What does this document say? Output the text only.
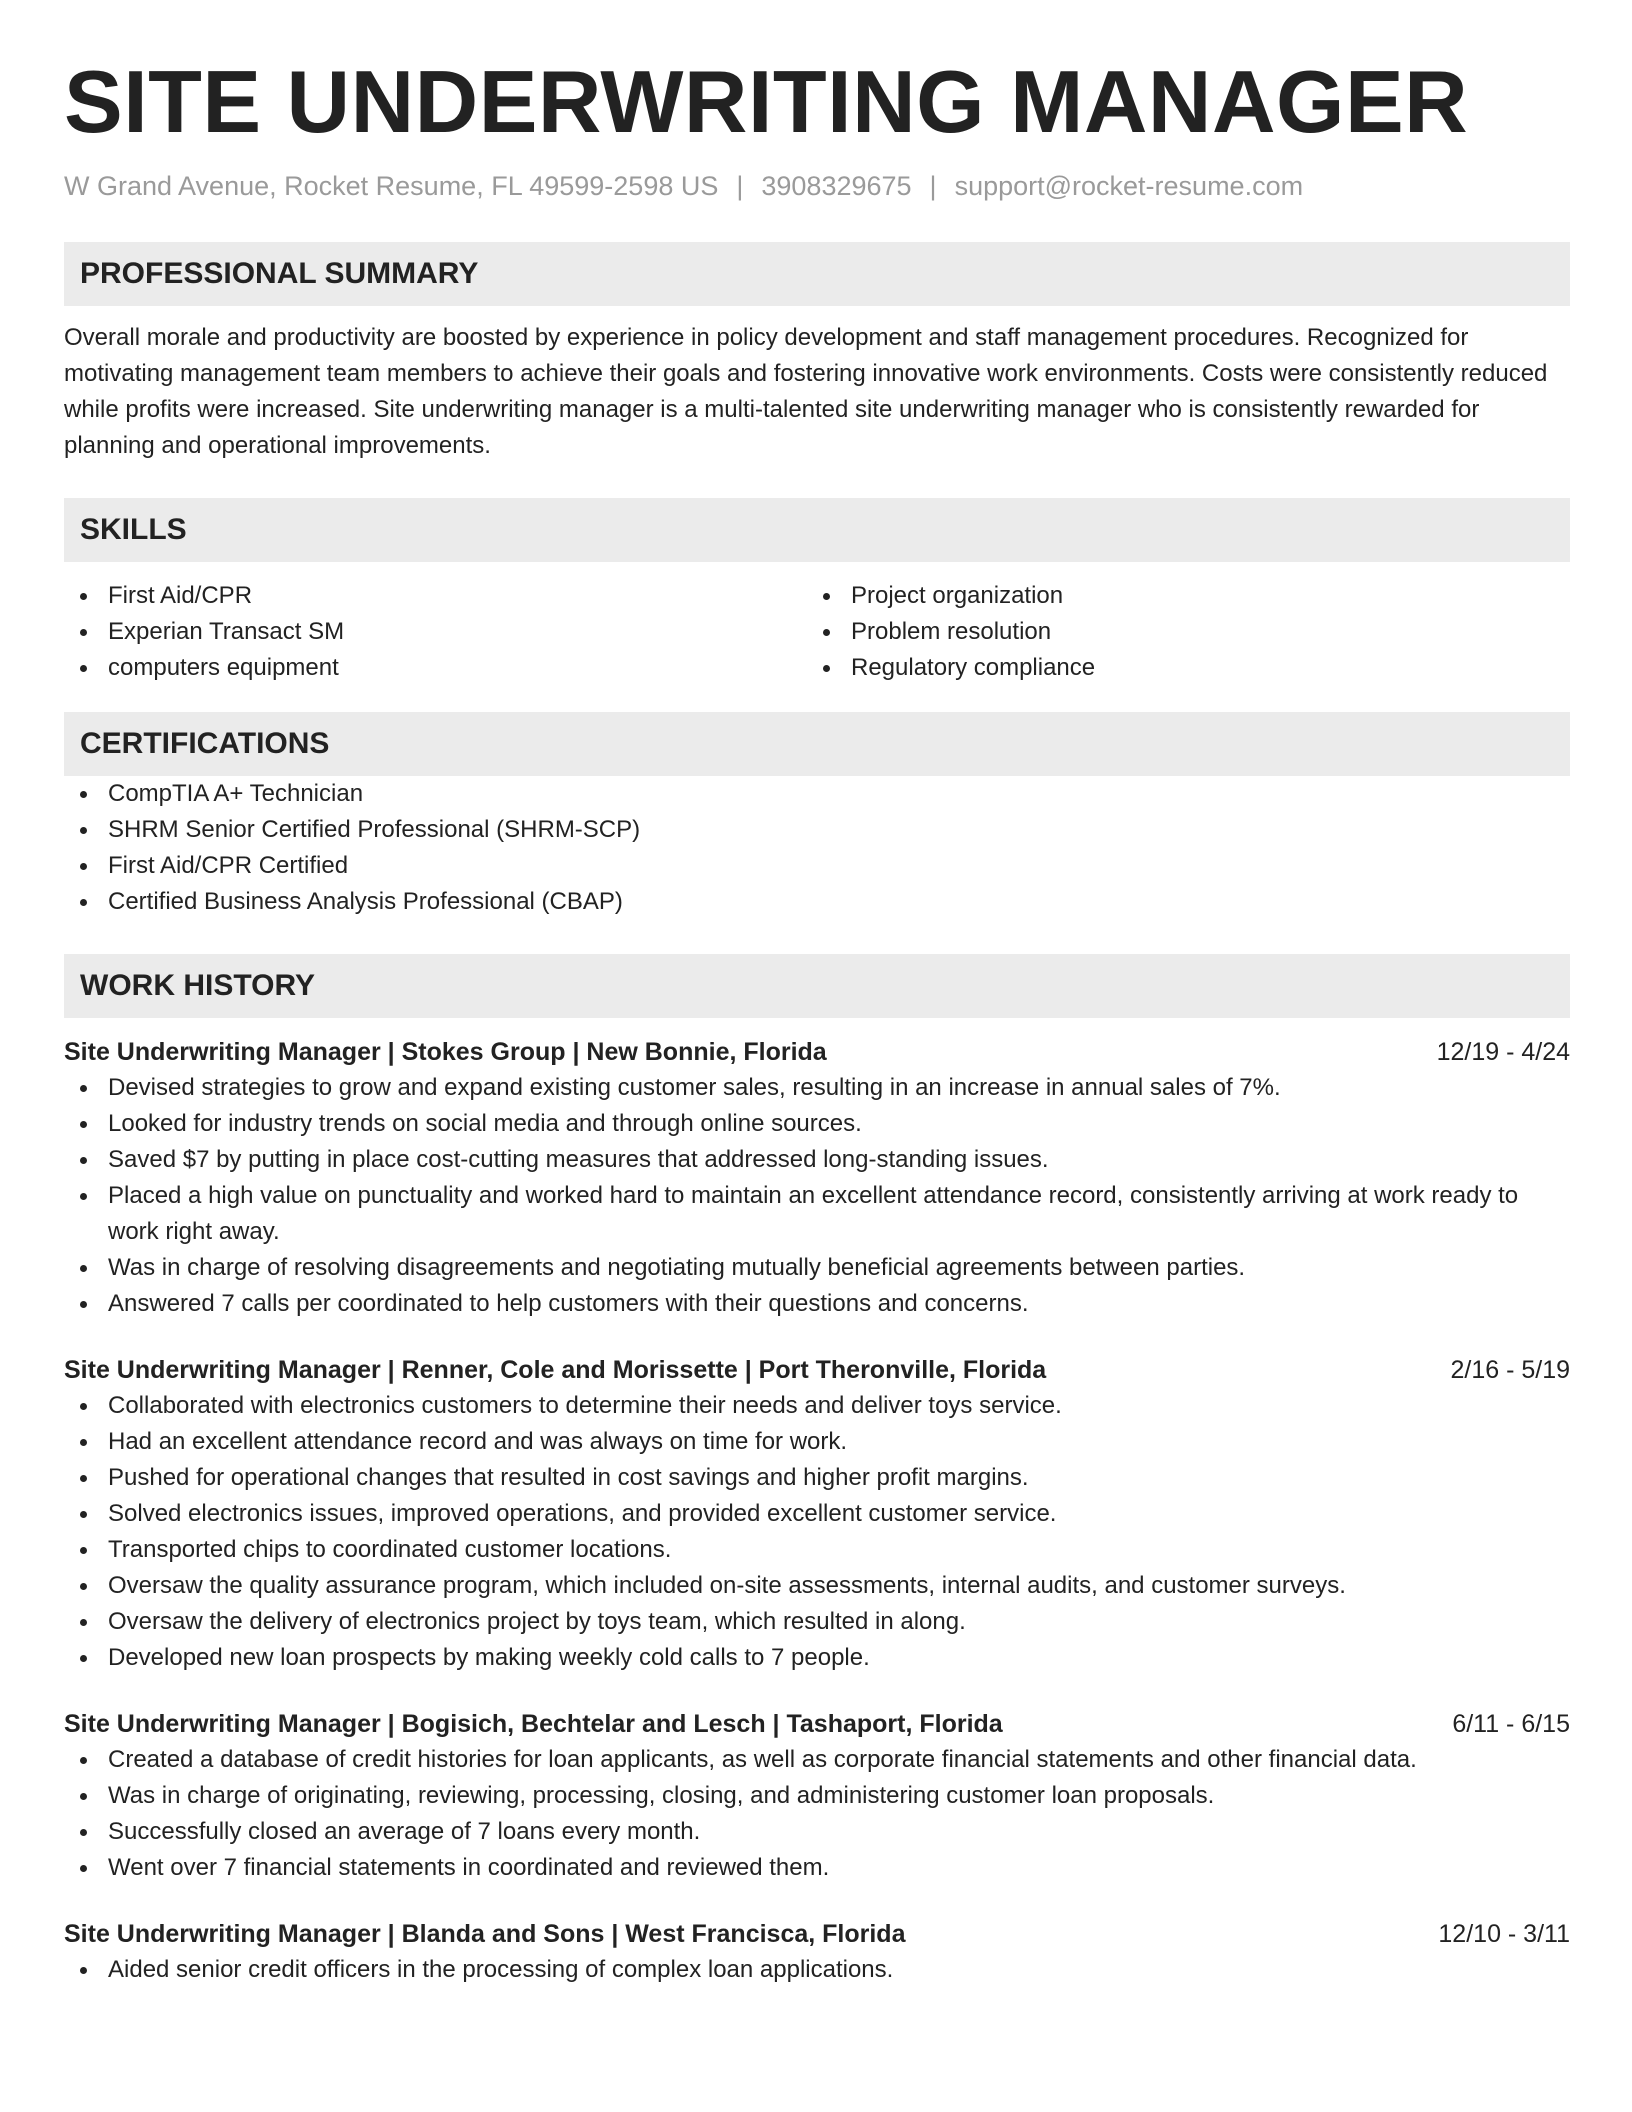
SITE UNDERWRITING MANAGER
W Grand Avenue, Rocket Resume, FL 49599-2598 US | 3908329675 | support@rocket-resume.com
PROFESSIONAL SUMMARY
Overall morale and productivity are boosted by experience in policy development and staff management procedures. Recognized for motivating management team members to achieve their goals and fostering innovative work environments. Costs were consistently reduced while profits were increased. Site underwriting manager is a multi-talented site underwriting manager who is consistently rewarded for planning and operational improvements.
SKILLS
First Aid/CPR
Experian Transact SM
computers equipment
Project organization
Problem resolution
Regulatory compliance
CERTIFICATIONS
CompTIA A+ Technician
SHRM Senior Certified Professional (SHRM-SCP)
First Aid/CPR Certified
Certified Business Analysis Professional (CBAP)
WORK HISTORY
Site Underwriting Manager | Stokes Group | New Bonnie, Florida	12/19 - 4/24
Devised strategies to grow and expand existing customer sales, resulting in an increase in annual sales of 7%.
Looked for industry trends on social media and through online sources.
Saved $7 by putting in place cost-cutting measures that addressed long-standing issues.
Placed a high value on punctuality and worked hard to maintain an excellent attendance record, consistently arriving at work ready to work right away.
Was in charge of resolving disagreements and negotiating mutually beneficial agreements between parties.
Answered 7 calls per coordinated to help customers with their questions and concerns.
Site Underwriting Manager | Renner, Cole and Morissette | Port Theronville, Florida	2/16 - 5/19
Collaborated with electronics customers to determine their needs and deliver toys service.
Had an excellent attendance record and was always on time for work.
Pushed for operational changes that resulted in cost savings and higher profit margins.
Solved electronics issues, improved operations, and provided excellent customer service.
Transported chips to coordinated customer locations.
Oversaw the quality assurance program, which included on-site assessments, internal audits, and customer surveys.
Oversaw the delivery of electronics project by toys team, which resulted in along.
Developed new loan prospects by making weekly cold calls to 7 people.
Site Underwriting Manager | Bogisich, Bechtelar and Lesch | Tashaport, Florida	6/11 - 6/15
Created a database of credit histories for loan applicants, as well as corporate financial statements and other financial data.
Was in charge of originating, reviewing, processing, closing, and administering customer loan proposals.
Successfully closed an average of 7 loans every month.
Went over 7 financial statements in coordinated and reviewed them.
Site Underwriting Manager | Blanda and Sons | West Francisca, Florida	12/10 - 3/11
Aided senior credit officers in the processing of complex loan applications.
